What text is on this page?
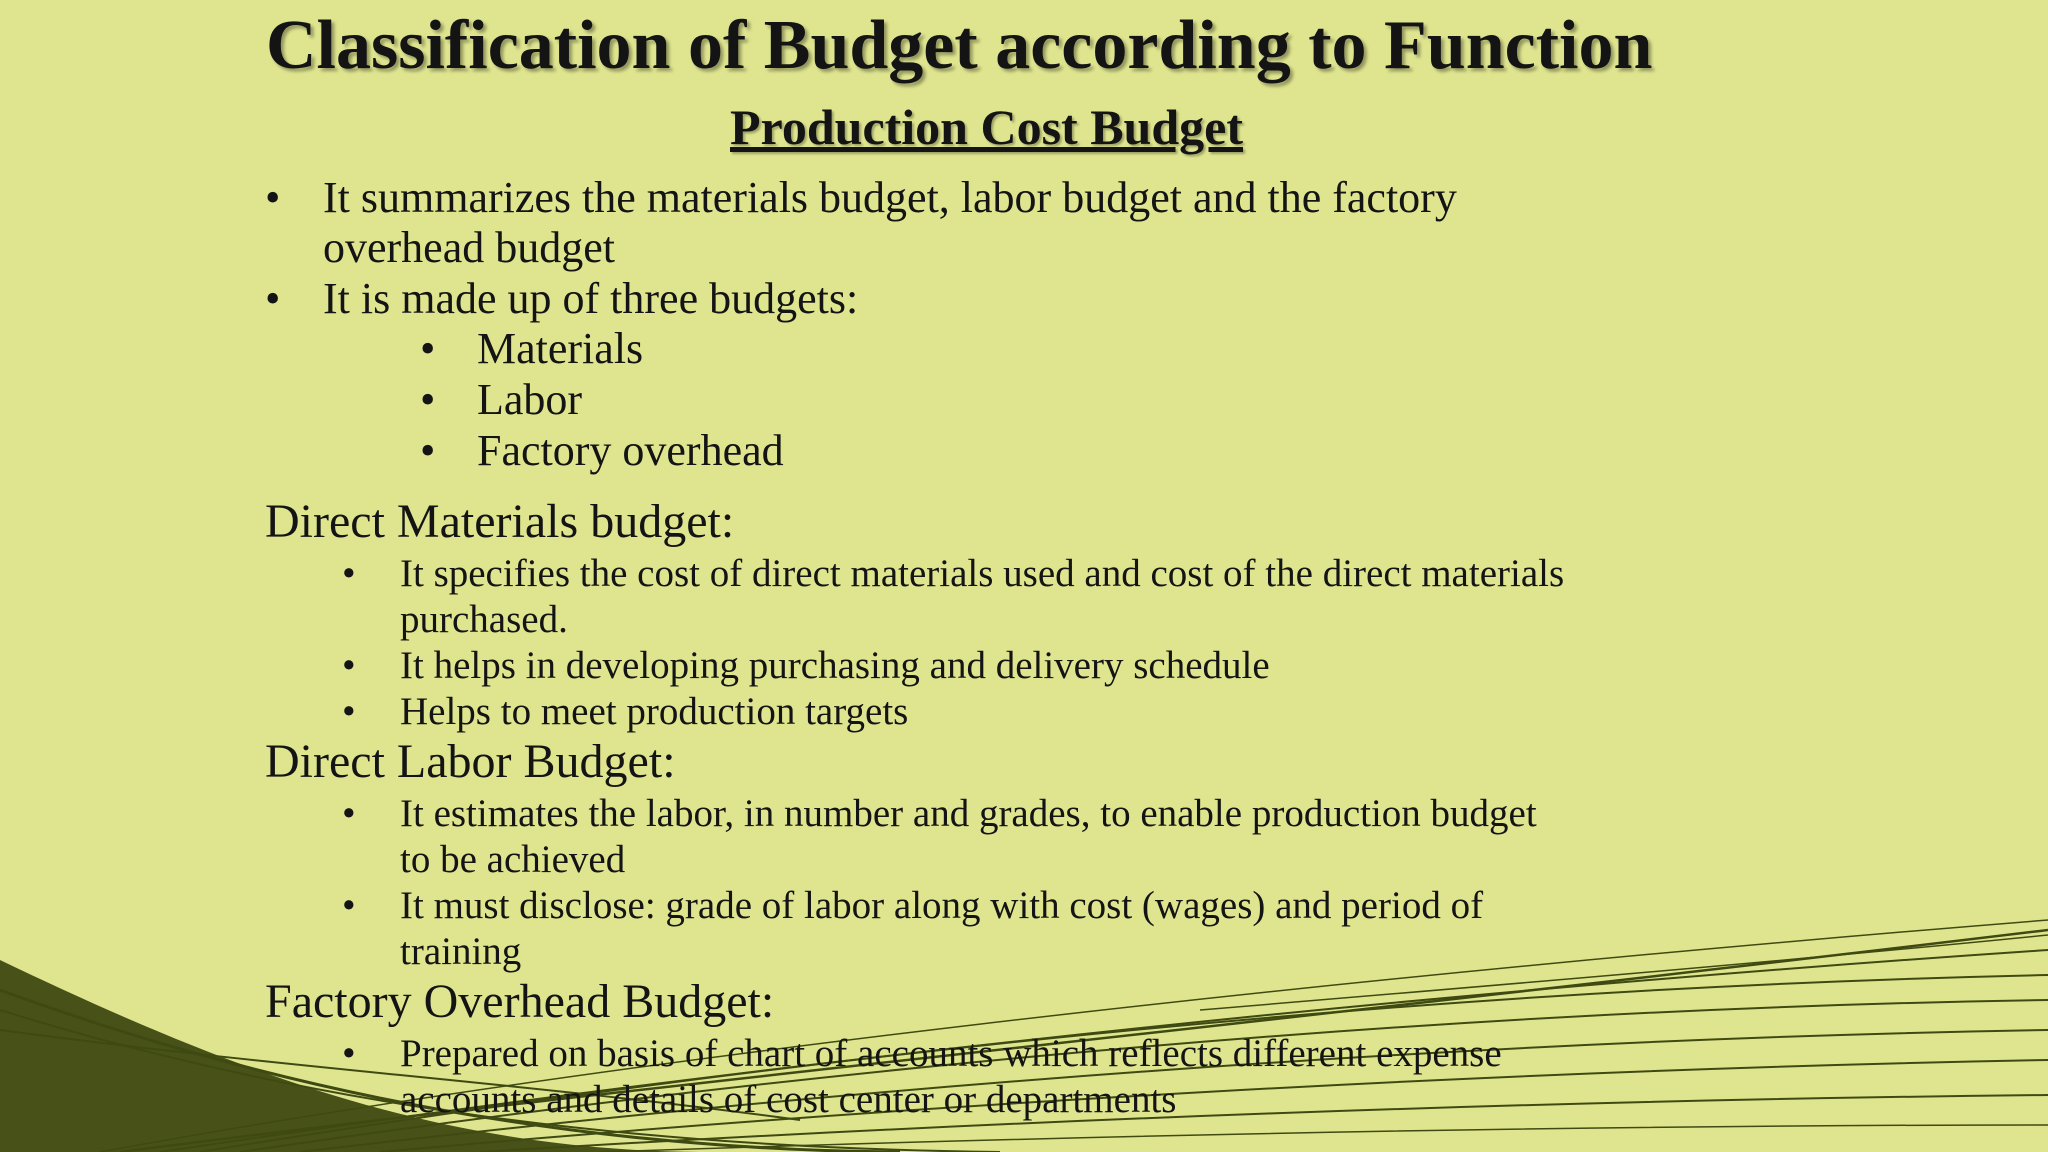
Classification of Budget according to Function
Production Cost Budget
• It summarizes the materials budget, labor budget and the factory
overhead budget
• It is made up of three budgets:
• Materials
• Labor
• Factory overhead
Direct Materials budget:
• It specifies the cost of direct materials used and cost of the direct materials
purchased.
• It helps in developing purchasing and delivery schedule
• Helps to meet production targets
Direct Labor Budget:
• It estimates the labor, in number and grades, to enable production budget
to be achieved
• It must disclose: grade of labor along with cost (wages) and period of
training
Factory Overhead Budget:
• Prepared on basis of chart of accounts which reflects different expense
accounts and details of cost center or departments
